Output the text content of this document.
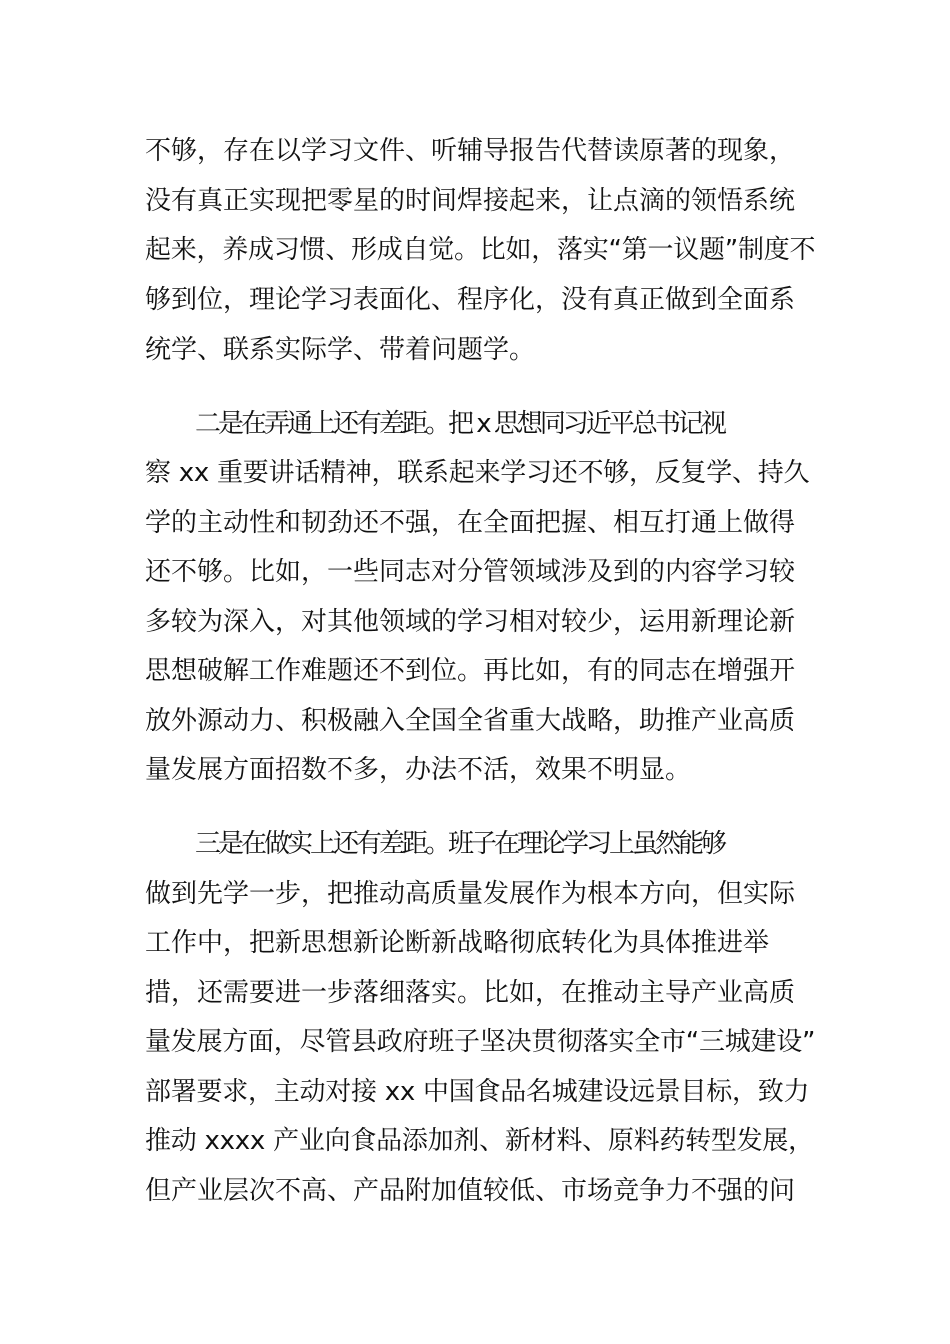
不够，存在以学习文件、听辅导报告代替读原著的现象，
没有真正实现把零星的时间焊接起来，让点滴的领悟系统
起来，养成习惯、形成自觉。比如，落实“第一议题”制度不
够到位，理论学习表面化、程序化，没有真正做到全面系
统学、联系实际学、带着问题学。
二是在弄通上还有差距。把 x 思想同习近平总书记视
察 xx 重要讲话精神，联系起来学习还不够，反复学、持久
学的主动性和韧劲还不强，在全面把握、相互打通上做得
还不够。比如，一些同志对分管领域涉及到的内容学习较
多较为深入，对其他领域的学习相对较少，运用新理论新
思想破解工作难题还不到位。再比如，有的同志在增强开
放外源动力、积极融入全国全省重大战略，助推产业高质
量发展方面招数不多，办法不活，效果不明显。
三是在做实上还有差距。班子在理论学习上虽然能够
做到先学一步，把推动高质量发展作为根本方向，但实际
工作中，把新思想新论断新战略彻底转化为具体推进举
措，还需要进一步落细落实。比如，在推动主导产业高质
量发展方面，尽管县政府班子坚决贯彻落实全市“三城建设”
部署要求，主动对接 xx 中国食品名城建设远景目标，致力
推动 xxxx 产业向食品添加剂、新材料、原料药转型发展，
但产业层次不高、产品附加值较低、市场竞争力不强的问
